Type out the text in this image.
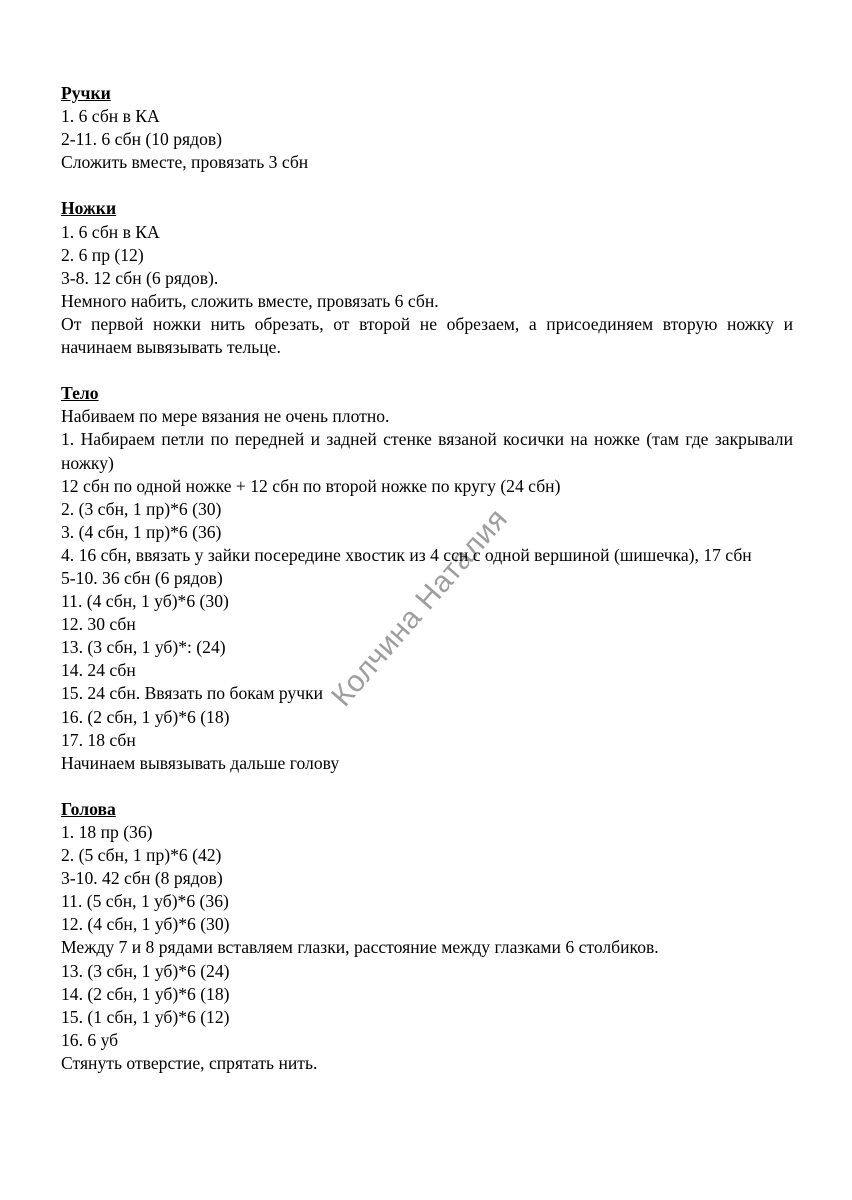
Ручки
1. 6 сбн в КА
2-11. 6 сбн (10 рядов)
Сложить вместе, провязать 3 сбн
Ножки
1. 6 сбн в КА
2. 6 пр (12)
3-8. 12 сбн (6 рядов).
Немного набить, сложить вместе, провязать 6 сбн.
От первой ножки нить обрезать, от второй не обрезаем, а присоединяем вторую ножку и начинаем вывязывать тельце.
Тело
Набиваем по мере вязания не очень плотно.
1. Набираем петли по передней и задней стенке вязаной косички на ножке (там где закрывали ножку)
12 сбн по одной ножке + 12 сбн по второй ножке по кругу (24 сбн)
2. (3 сбн, 1 пр)*6 (30)
3. (4 сбн, 1 пр)*6 (36)
4. 16 сбн, ввязать у зайки посередине хвостик из 4 ссн с одной вершиной (шишечка), 17 сбн
5-10. 36 сбн (6 рядов)
11. (4 сбн, 1 уб)*6 (30)
12. 30 сбн
13. (3 сбн, 1 уб)*: (24)
14. 24 сбн
15. 24 сбн. Ввязать по бокам ручки
16. (2 сбн, 1 уб)*6 (18)
17. 18 сбн
Начинаем вывязывать дальше голову
Голова
1. 18 пр (36)
2. (5 сбн, 1 пр)*6 (42)
3-10. 42 сбн (8 рядов)
11. (5 сбн, 1 уб)*6 (36)
12. (4 сбн, 1 уб)*6 (30)
Между 7 и 8 рядами вставляем глазки, расстояние между глазками 6 столбиков.
13. (3 сбн, 1 уб)*6 (24)
14. (2 сбн, 1 уб)*6 (18)
15. (1 сбн, 1 уб)*6 (12)
16. 6 уб
Стянуть отверстие, спрятать нить.
Колчина Наталия
